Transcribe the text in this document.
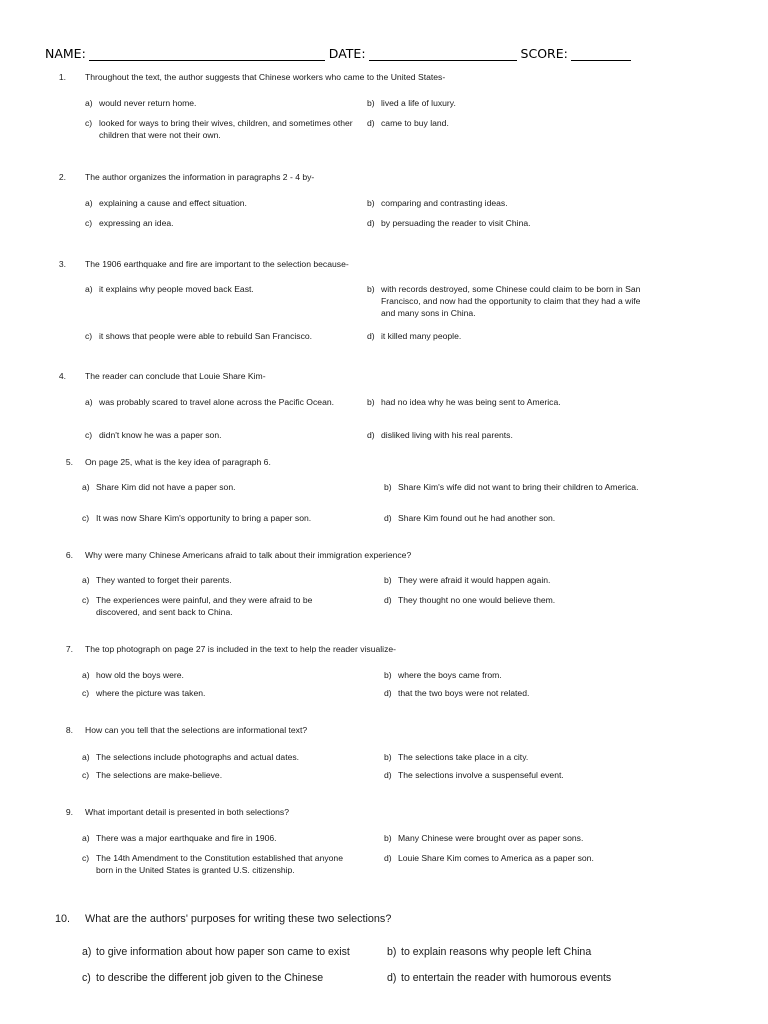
NAME:	DATE:	SCORE:
1. Throughout the text, the author suggests that Chinese workers who came to the United States-
a) would never return home.	b) lived a life of luxury.
c) looked for ways to bring their wives, children, and sometimes other children that were not their own.
d) came to buy land.
2. The author organizes the information in paragraphs 2 - 4 by-
a) explaining a cause and effect situation.	b) comparing and contrasting ideas.
c) expressing an idea.	d) by persuading the reader to visit China.
3. The 1906 earthquake and fire are important to the selection because-
a) it explains why people moved back East.	b) with records destroyed, some Chinese could claim to be born in San Francisco, and now had the opportunity to claim that they had a wife and many sons in China.
c) it shows that people were able to rebuild San Francisco.	d) it killed many people.
4. The reader can conclude that Louie Share Kim-
a) was probably scared to travel alone across the Pacific Ocean.	b) had no idea why he was being sent to America.
c) didn't know he was a paper son.	d) disliked living with his real parents.
5. On page 25, what is the key idea of paragraph 6.
a) Share Kim did not have a paper son.	b) Share Kim's wife did not want to bring their children to America.
c) It was now Share Kim's opportunity to bring a paper son.	d) Share Kim found out he had another son.
6. Why were many Chinese Americans afraid to talk about their immigration experience?
a) They wanted to forget their parents.	b) They were afraid it would happen again.
c) The experiences were painful, and they were afraid to be discovered, and sent back to China.
d) They thought no one would believe them.
7. The top photograph on page 27 is included in the text to help the reader visualize-
a) how old the boys were.	b) where the boys came from.
c) where the picture was taken.	d) that the two boys were not related.
8. How can you tell that the selections are informational text?
a) The selections include photographs and actual dates.	b) The selections take place in a city.
c) The selections are make-believe.	d) The selections involve a suspenseful event.
9. What important detail is presented in both selections?
a) There was a major earthquake and fire in 1906.	b) Many Chinese were brought over as paper sons.
c) The 14th Amendment to the Constitution established that anyone born in the United States is granted U.S. citizenship.
d) Louie Share Kim comes to America as a paper son.
10. What are the authors' purposes for writing these two selections?
a) to give information about how paper son came to exist	b) to explain reasons why people left China
c) to describe the different job given to the Chinese	d) to entertain the reader with humorous events
